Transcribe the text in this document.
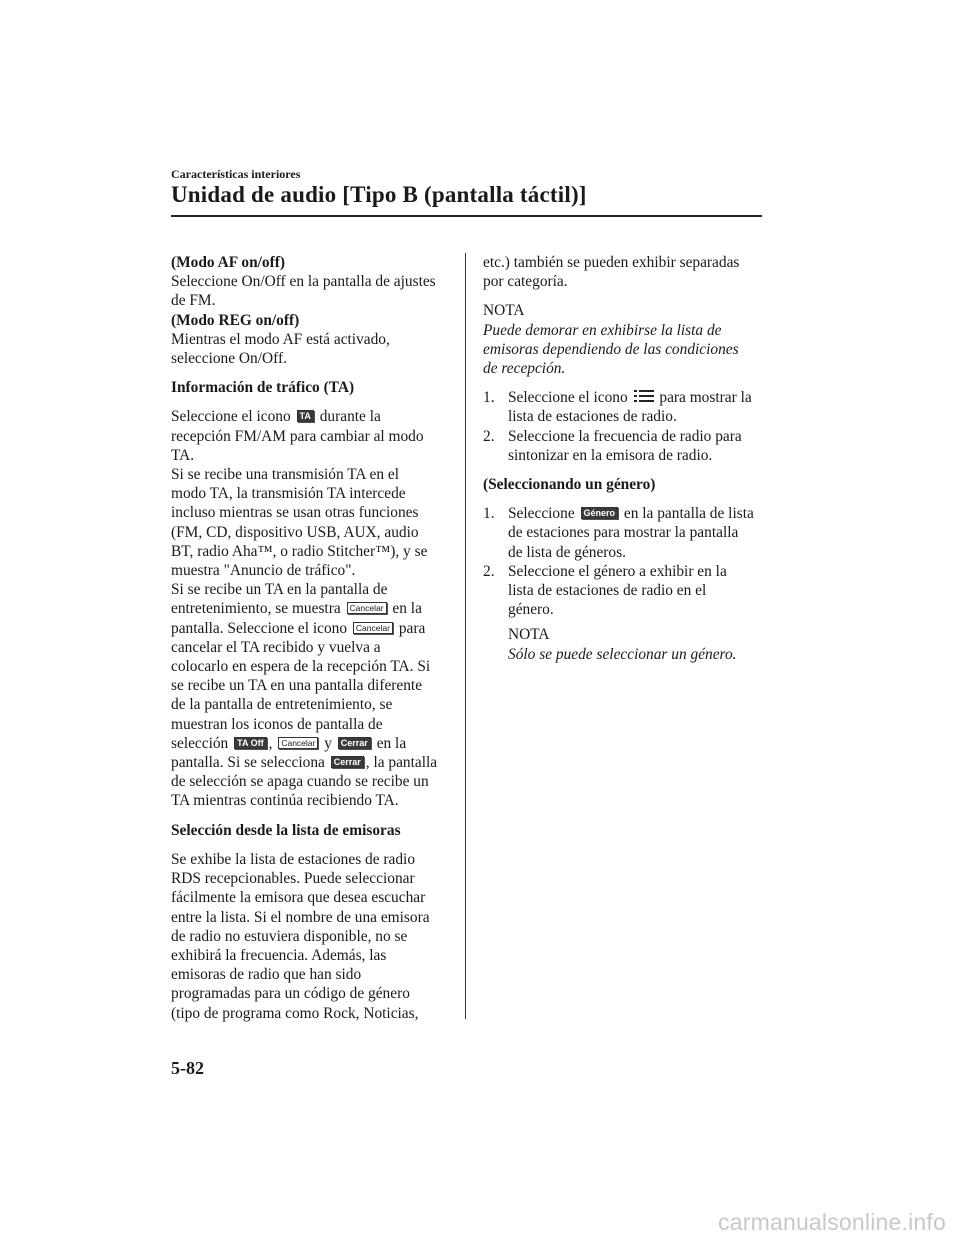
Características interiores
Unidad de audio [Tipo B (pantalla táctil)]
(Modo AF on/off)
Seleccione On/Off en la pantalla de ajustes
de FM.
(Modo REG on/off)
Mientras el modo AF está activado,
seleccione On/Off.
Información de tráfico (TA)
Seleccione el icono TA durante la
recepción FM/AM para cambiar al modo
TA.
Si se recibe una transmisión TA en el
modo TA, la transmisión TA intercede
incluso mientras se usan otras funciones
(FM, CD, dispositivo USB, AUX, audio
BT, radio Aha™, o radio Stitcher™), y se
muestra "Anuncio de tráfico".
Si se recibe un TA en la pantalla de
entretenimiento, se muestra Cancelar en la
pantalla. Seleccione el icono Cancelar para
cancelar el TA recibido y vuelva a
colocarlo en espera de la recepción TA. Si
se recibe un TA en una pantalla diferente
de la pantalla de entretenimiento, se
muestran los iconos de pantalla de
selección TA Off , Cancelar y Cerrar en la
pantalla. Si se selecciona Cerrar , la pantalla
de selección se apaga cuando se recibe un
TA mientras continúa recibiendo TA.
Selección desde la lista de emisoras
Se exhibe la lista de estaciones de radio
RDS recepcionables. Puede seleccionar
fácilmente la emisora que desea escuchar
entre la lista. Si el nombre de una emisora
de radio no estuviera disponible, no se
exhibirá la frecuencia. Además, las
emisoras de radio que han sido
programadas para un código de género
(tipo de programa como Rock, Noticias,
etc.) también se pueden exhibir separadas
por categoría.
NOTA
Puede demorar en exhibirse la lista de
emisoras dependiendo de las condiciones
de recepción.
1. Seleccione el icono para mostrar la
lista de estaciones de radio.
2. Seleccione la frecuencia de radio para
sintonizar en la emisora de radio.
(Seleccionando un género)
1. Seleccione Género en la pantalla de lista
de estaciones para mostrar la pantalla
de lista de géneros.
2. Seleccione el género a exhibir en la
lista de estaciones de radio en el
género.
NOTA
Sólo se puede seleccionar un género.
5-82
carmanualsonline.info
